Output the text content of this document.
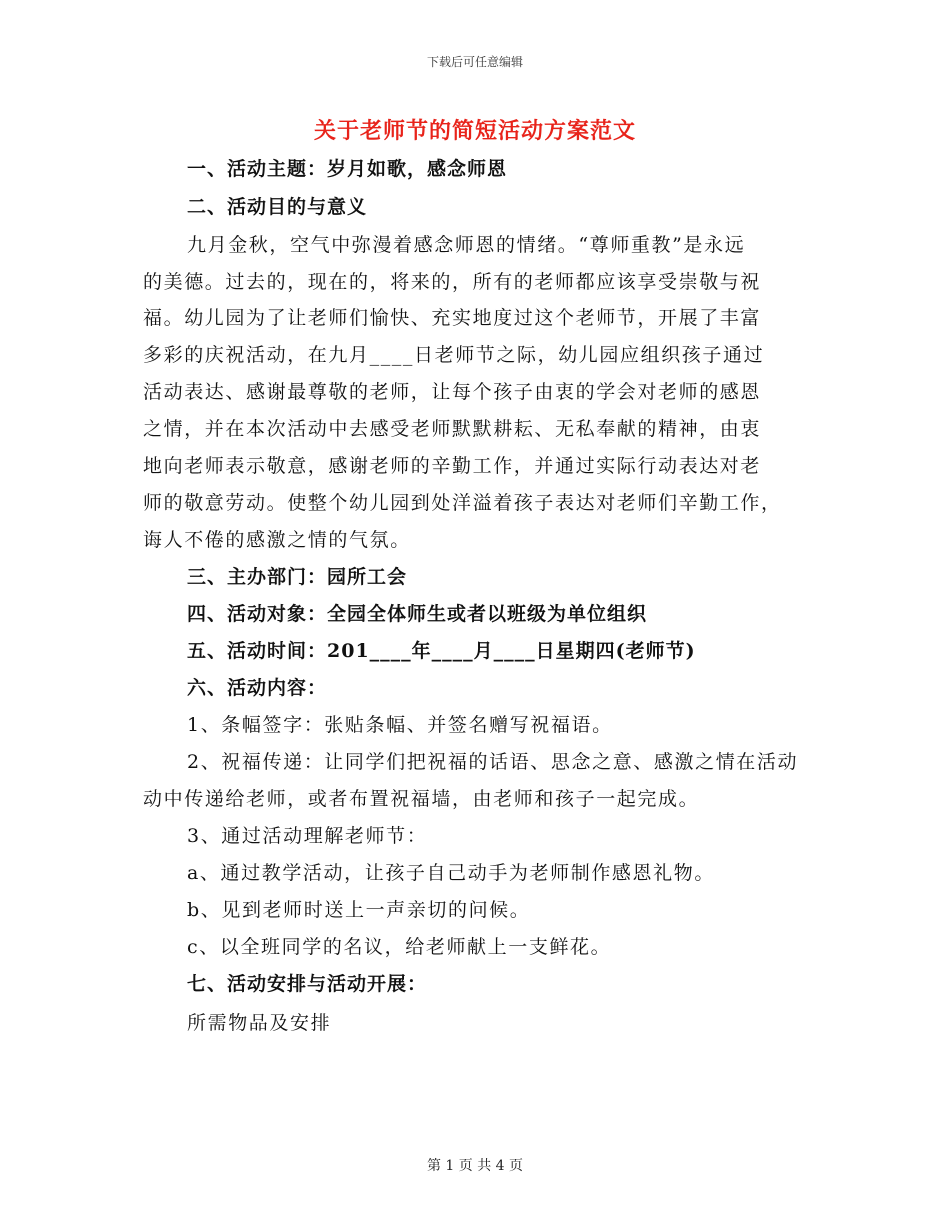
下载后可任意编辑
关于老师节的简短活动方案范文
一、活动主题：岁月如歌，感念师恩
二、活动目的与意义
九月金秋，空气中弥漫着感念师恩的情绪。“尊师重教”是永远
的美德。过去的，现在的，将来的，所有的老师都应该享受崇敬与祝
福。幼儿园为了让老师们愉快、充实地度过这个老师节，开展了丰富
多彩的庆祝活动，在九月____日老师节之际，幼儿园应组织孩子通过
活动表达、感谢最尊敬的老师，让每个孩子由衷的学会对老师的感恩
之情，并在本次活动中去感受老师默默耕耘、无私奉献的精神，由衷
地向老师表示敬意，感谢老师的辛勤工作，并通过实际行动表达对老
师的敬意劳动。使整个幼儿园到处洋溢着孩子表达对老师们辛勤工作，
诲人不倦的感激之情的气氛。
三、主办部门：园所工会
四、活动对象：全园全体师生或者以班级为单位组织
五、活动时间：201____年____月____日星期四(老师节)
六、活动内容：
1、条幅签字：张贴条幅、并签名赠写祝福语。
2、祝福传递：让同学们把祝福的话语、思念之意、感激之情在活动
动中传递给老师，或者布置祝福墙，由老师和孩子一起完成。
3、通过活动理解老师节：
a、通过教学活动，让孩子自己动手为老师制作感恩礼物。
b、见到老师时送上一声亲切的问候。
c、以全班同学的名议，给老师献上一支鲜花。
七、活动安排与活动开展：
所需物品及安排
第 1 页 共 4 页
